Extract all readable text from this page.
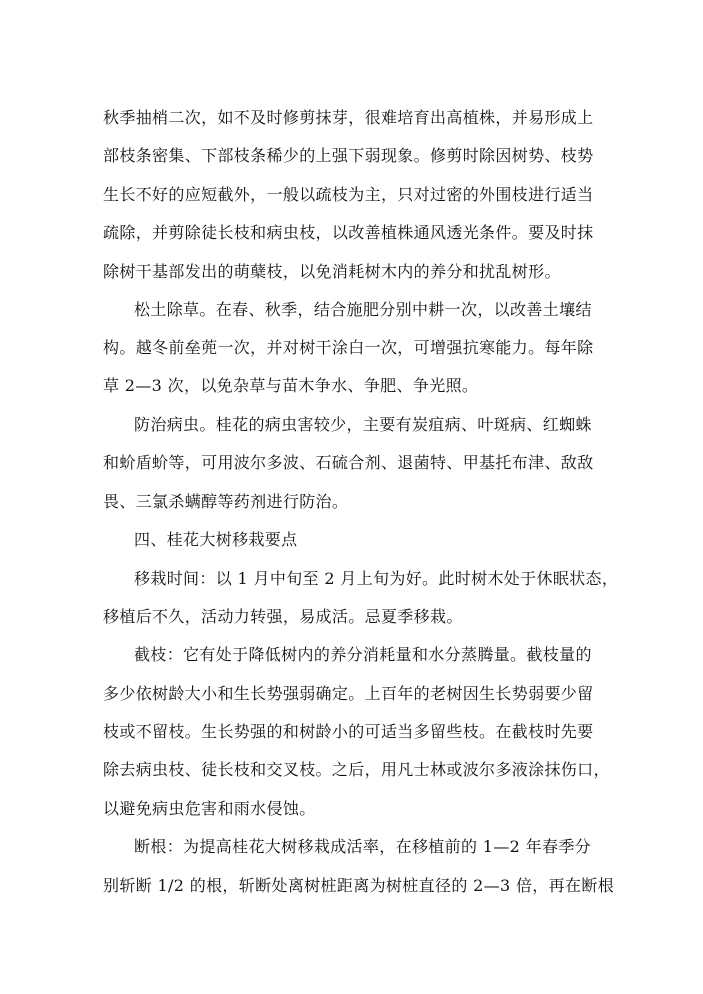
秋季抽梢二次，如不及时修剪抹芽，很难培育出高植株，并易形成上
部枝条密集、下部枝条稀少的上强下弱现象。修剪时除因树势、枝势
生长不好的应短截外，一般以疏枝为主，只对过密的外围枝进行适当
疏除，并剪除徒长枝和病虫枝，以改善植株通风透光条件。要及时抹
除树干基部发出的萌蘖枝，以免消耗树木内的养分和扰乱树形。
松土除草。在春、秋季，结合施肥分别中耕一次，以改善土壤结
构。越冬前垒蔸一次，并对树干涂白一次，可增强抗寒能力。每年除
草 2—3 次，以免杂草与苗木争水、争肥、争光照。
防治病虫。桂花的病虫害较少，主要有炭疽病、叶斑病、红蜘蛛
和蚧盾蚧等，可用波尔多波、石硫合剂、退菌特、甲基托布津、敌敌
畏、三氯杀螨醇等药剂进行防治。
四、桂花大树移栽要点
移栽时间：以 1 月中旬至 2 月上旬为好。此时树木处于休眠状态，
移植后不久，活动力转强，易成活。忌夏季移栽。
截枝：它有处于降低树内的养分消耗量和水分蒸腾量。截枝量的
多少依树龄大小和生长势强弱确定。上百年的老树因生长势弱要少留
枝或不留枝。生长势强的和树龄小的可适当多留些枝。在截枝时先要
除去病虫枝、徒长枝和交叉枝。之后，用凡士林或波尔多液涂抹伤口，
以避免病虫危害和雨水侵蚀。
断根：为提高桂花大树移栽成活率，在移植前的 1—2 年春季分
别斩断 1/2 的根，斩断处离树桩距离为树桩直径的 2—3 倍，再在断根
